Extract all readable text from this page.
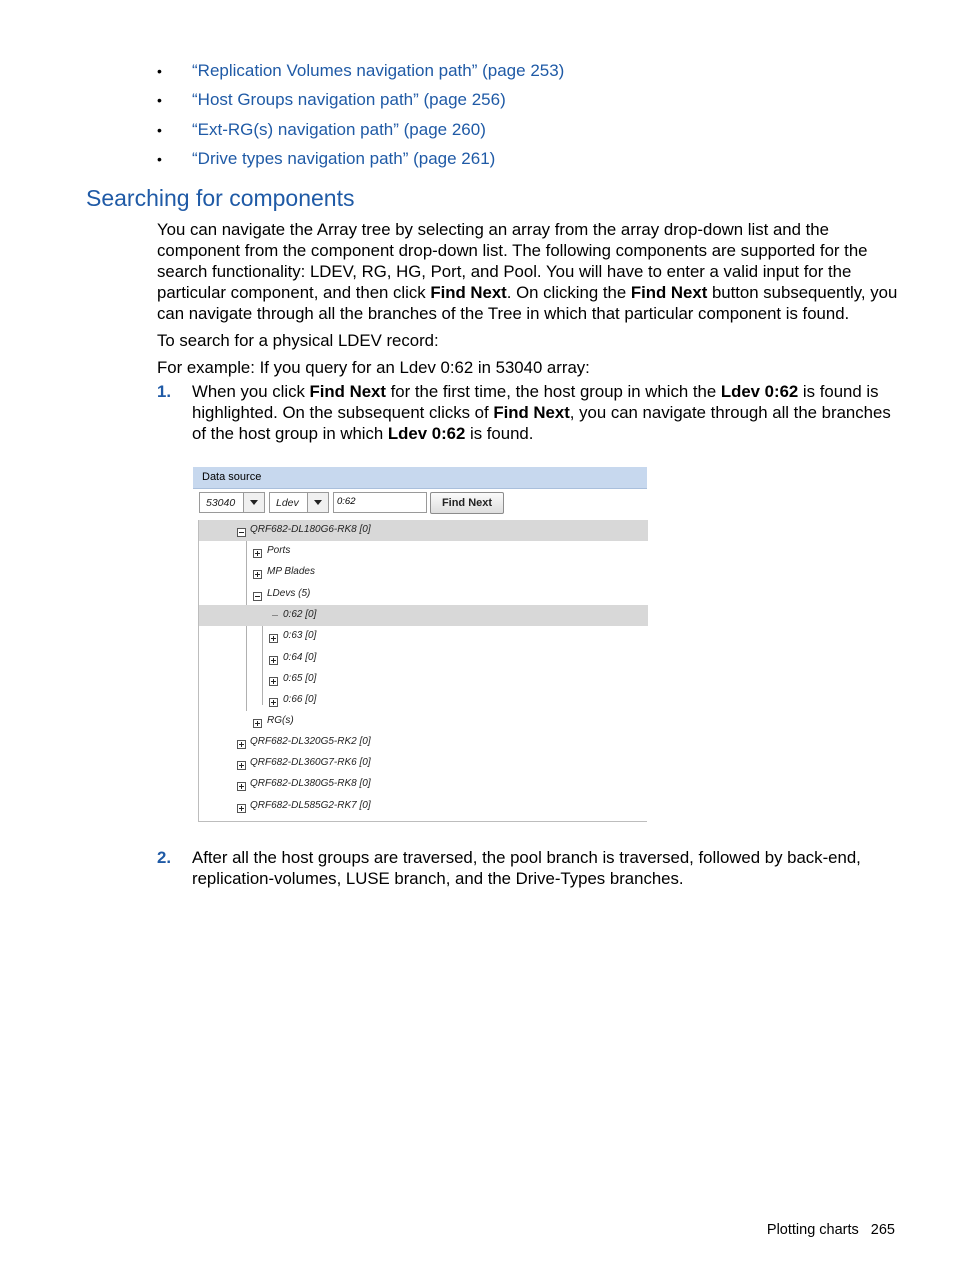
• “Replication Volumes navigation path” (page 253)
• “Host Groups navigation path” (page 256)
• “Ext-RG(s) navigation path” (page 260)
• “Drive types navigation path” (page 261)
Searching for components

You can navigate the Array tree by selecting an array from the array drop-down list and the component from the component drop-down list. The following components are supported for the search functionality: LDEV, RG, HG, Port, and Pool. You will have to enter a valid input for the particular component, and then click Find Next. On clicking the Find Next button subsequently, you can navigate through all the branches of the Tree in which that particular component is found.

To search for a physical LDEV record:

For example: If you query for an Ldev 0:62 in 53040 array:

1. When you click Find Next for the first time, the host group in which the Ldev 0:62 is found is highlighted. On the subsequent clicks of Find Next, you can navigate through all the branches of the host group in which Ldev 0:62 is found.
Data source
53040	Ldev
0:62	Find Next
QRF682-DL180G6-RK8 [0]
Ports
MP Blades
LDevs (5)
0:62 [0]
0:63 [0]
0:64 [0]
0:65 [0]
0:66 [0]
RG(s)
QRF682-DL320G5-RK2 [0]
QRF682-DL360G7-RK6 [0]
QRF682-DL380G5-RK8 [0]
QRF682-DL585G2-RK7 [0]
2. After all the host groups are traversed, the pool branch is traversed, followed by back-end, replication-volumes, LUSE branch, and the Drive-Types branches.
Plotting charts 265
